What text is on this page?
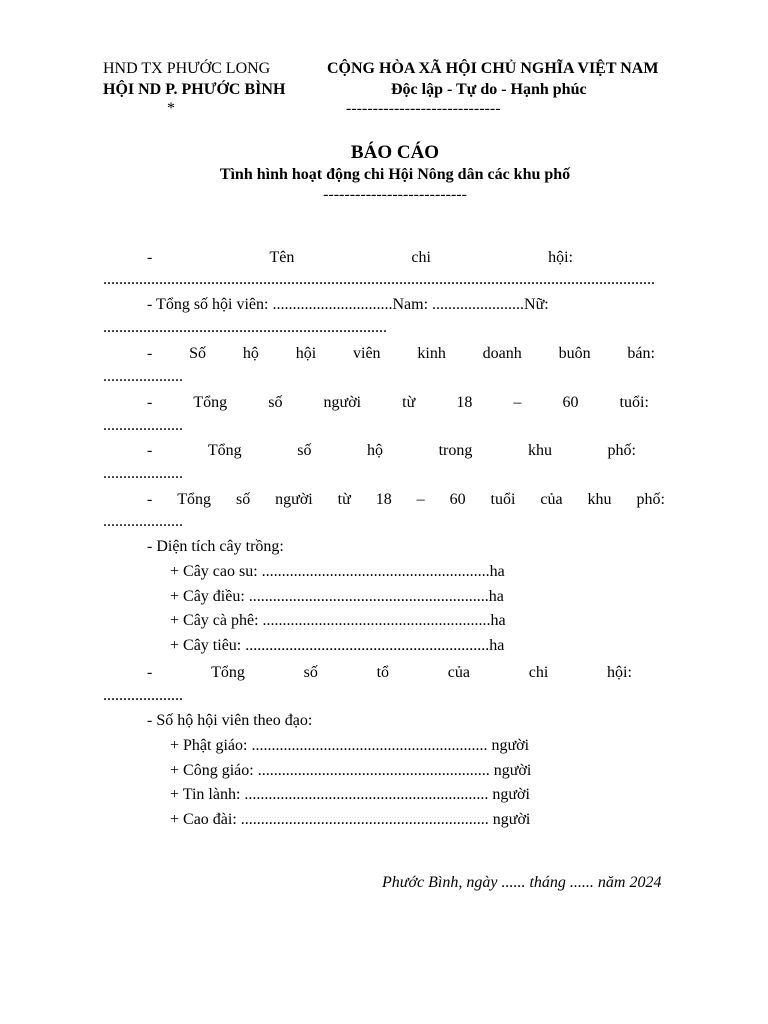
HND TX PHƯỚC LONG
HỘI ND P. PHƯỚC BÌNH
*
CỘNG HÒA XÃ HỘI CHỦ NGHĨA VIỆT NAM
Độc lập - Tự do - Hạnh phúc
-----------------------------
BÁO CÁO
Tình hình hoạt động chi Hội Nông dân các khu phố
---------------------------
-	Tên	chi	hội:
..........................................................................................................................................
- Tổng số hội viên: ..............................Nam: .......................Nữ:
.......................................................................
- Số hộ hội viên kinh doanh buôn bán:
....................
-	Tổng	số	người	từ	18	–	60	tuổi:
....................
-	Tổng	số	hộ	trong	khu	phố:
....................
- Tổng số người từ 18 – 60 tuổi của khu phố:
....................
- Diện tích cây trồng:
+ Cây cao su: .........................................................ha
+ Cây điều: ............................................................ha
+ Cây cà phê: .........................................................ha
+ Cây tiêu: .............................................................ha
-	Tổng	số	tổ	của	chi	hội:
....................
- Số hộ hội viên theo đạo:
+ Phật giáo: ........................................................... người
+ Công giáo: .......................................................... người
+ Tin lành: ............................................................. người
+ Cao đài: .............................................................. người
Phước Bình, ngày ...... tháng ...... năm 2024
